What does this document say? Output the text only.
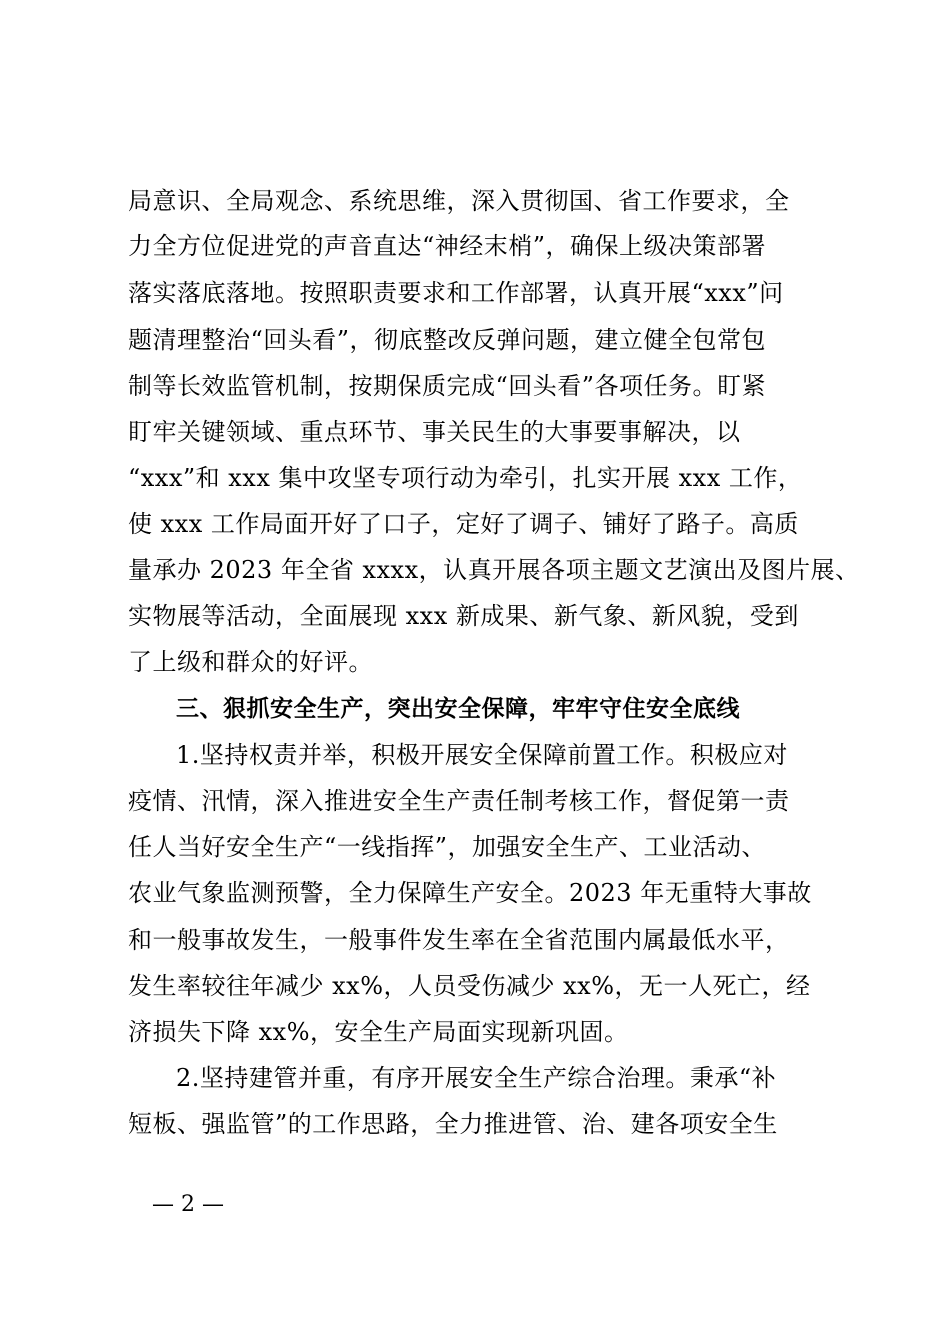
局意识、全局观念、系统思维，深入贯彻国、省工作要求，全
力全方位促进党的声音直达“神经末梢”，确保上级决策部署
落实落底落地。按照职责要求和工作部署，认真开展“xxx”问
题清理整治“回头看”，彻底整改反弹问题，建立健全包常包
制等长效监管机制，按期保质完成“回头看”各项任务。盯紧
盯牢关键领域、重点环节、事关民生的大事要事解决，以
“xxx”和 xxx 集中攻坚专项行动为牵引，扎实开展 xxx 工作，
使 xxx 工作局面开好了口子，定好了调子、铺好了路子。高质
量承办 2023 年全省 xxxx，认真开展各项主题文艺演出及图片展、
实物展等活动，全面展现 xxx 新成果、新气象、新风貌，受到
了上级和群众的好评。
三、狠抓安全生产，突出安全保障，牢牢守住安全底线
1.坚持权责并举，积极开展安全保障前置工作。积极应对
疫情、汛情，深入推进安全生产责任制考核工作，督促第一责
任人当好安全生产“一线指挥”，加强安全生产、工业活动、
农业气象监测预警，全力保障生产安全。2023 年无重特大事故
和一般事故发生，一般事件发生率在全省范围内属最低水平，
发生率较往年减少 xx%，人员受伤减少 xx%，无一人死亡，经
济损失下降 xx%，安全生产局面实现新巩固。
2.坚持建管并重，有序开展安全生产综合治理。秉承“补
短板、强监管”的工作思路，全力推进管、治、建各项安全生
— 2 —
